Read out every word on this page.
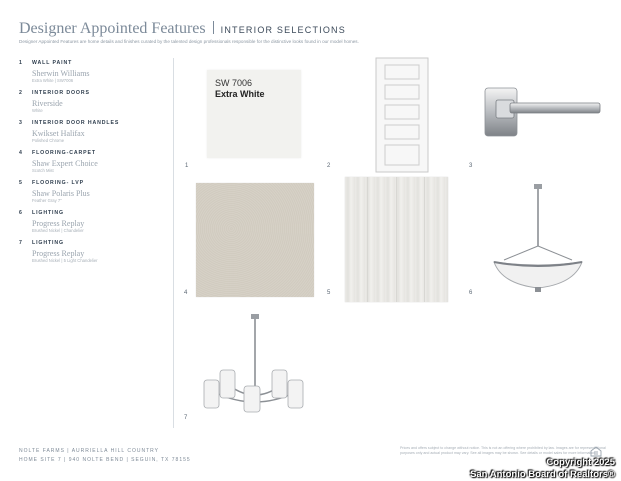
Designer Appointed Features INTERIOR SELECTIONS
Designer Appointed Features are home details and finishes curated by the talented design professionals responsible for the distinctive looks found in our model homes.
1 WALL PAINT
Sherwin Williams
Extra White | SW7006
2 INTERIOR DOORS
Riverside
White
3 INTERIOR DOOR HANDLES
Kwikset Halifax
Polished Chrome
4 FLOORING-CARPET
Shaw Expert Choice
Scotch Mist
5 FLOORING- LVP
Shaw Polaris Plus
Feather Gray 7"
6 LIGHTING
Progress Replay
Brushed Nickel | Chandelier
7 LIGHTING
Progress Replay
Brushed Nickel | 5 Light Chandelier
SW 7006
Extra White
1	2	3
4	5	6
7
NOLTE FARMS | AURRIELLA HILL COUNTRY
HOME SITE 7 | 940 NOLTE BEND | SEGUIN, TX 78155
Prices and offers subject to change without notice. This is not an offering where prohibited by law. Images are for representational purposes only and actual product may vary. See all images may be shown. See details or model sales for more information.
Copyright 2025
San Antonio Board of Realtors®
